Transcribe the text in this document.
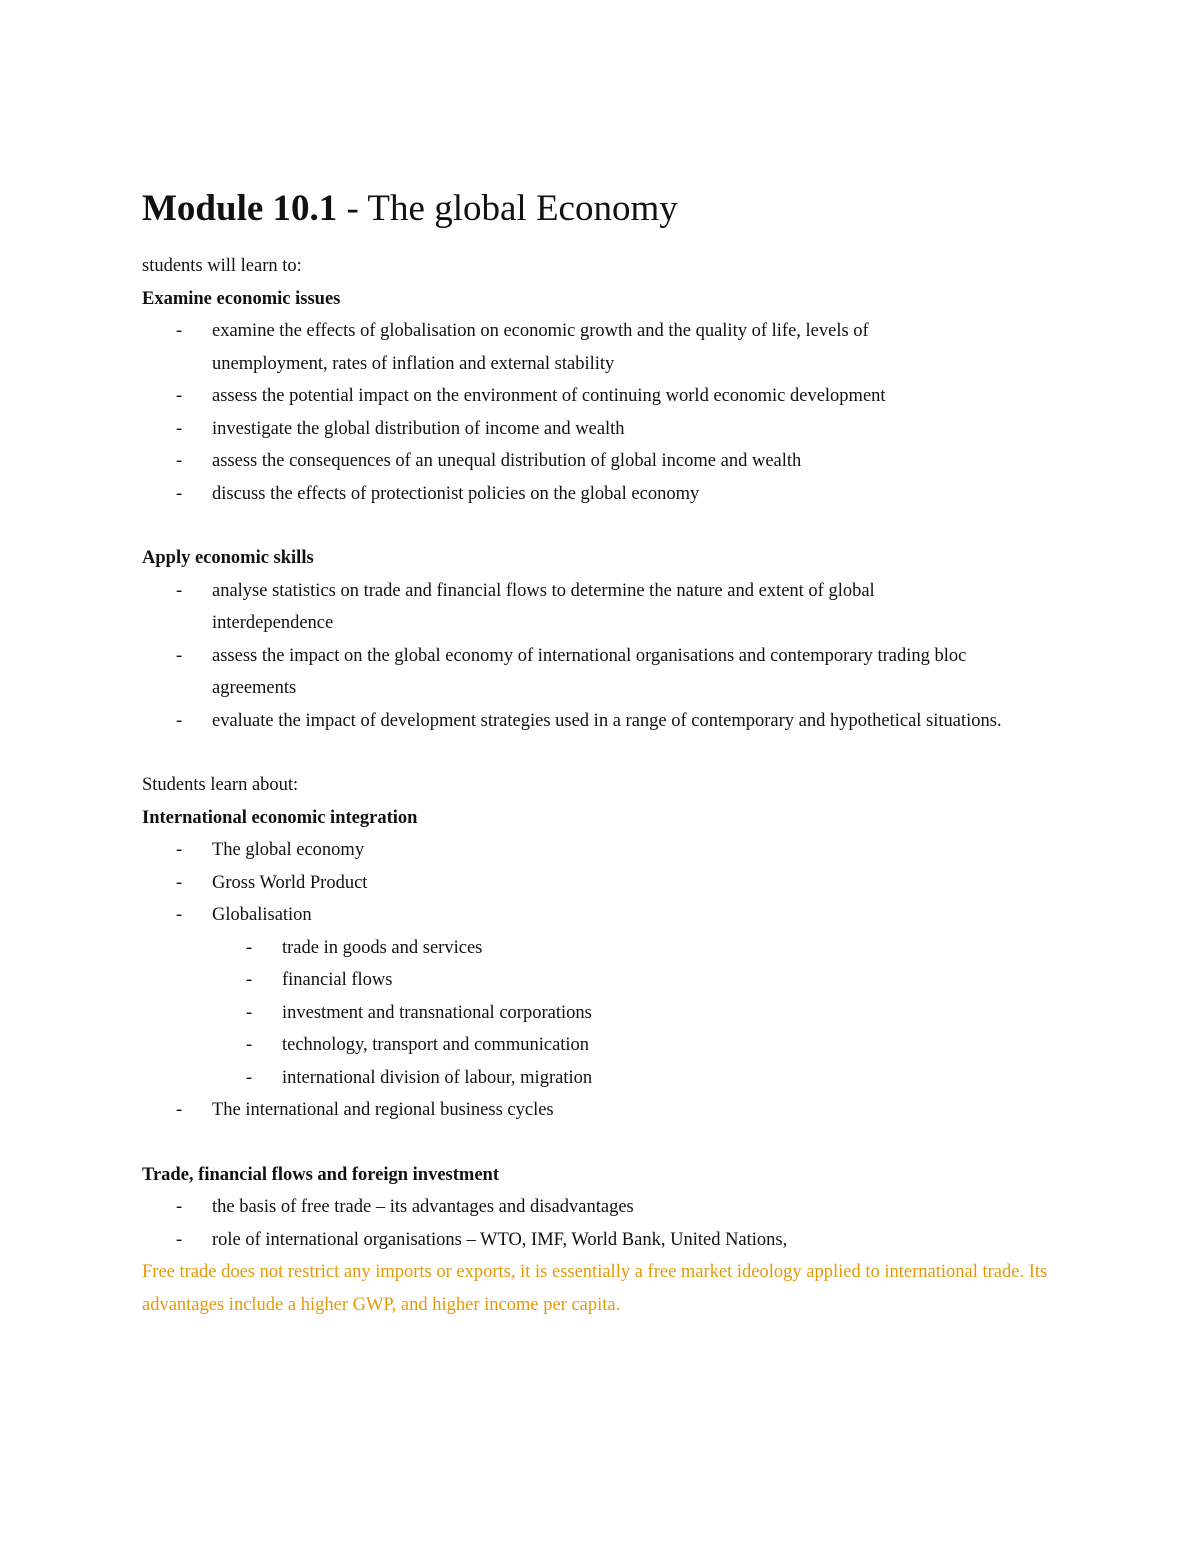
Module 10.1 - The global Economy
students will learn to:
Examine economic issues
- examine the effects of globalisation on economic growth and the quality of life, levels of unemployment, rates of inflation and external stability
- assess the potential impact on the environment of continuing world economic development
- investigate the global distribution of income and wealth
- assess the consequences of an unequal distribution of global income and wealth
- discuss the effects of protectionist policies on the global economy
Apply economic skills
- analyse statistics on trade and financial flows to determine the nature and extent of global interdependence
- assess the impact on the global economy of international organisations and contemporary trading bloc agreements
- evaluate the impact of development strategies used in a range of contemporary and hypothetical situations.
Students learn about:
International economic integration
- The global economy
- Gross World Product
- Globalisation
- trade in goods and services
- financial flows
- investment and transnational corporations
- technology, transport and communication
- international division of labour, migration
- The international and regional business cycles
Trade, financial flows and foreign investment
- the basis of free trade – its advantages and disadvantages
- role of international organisations – WTO, IMF, World Bank, United Nations,
Free trade does not restrict any imports or exports, it is essentially a free market ideology applied to international trade. Its advantages include a higher GWP, and higher income per capita.
